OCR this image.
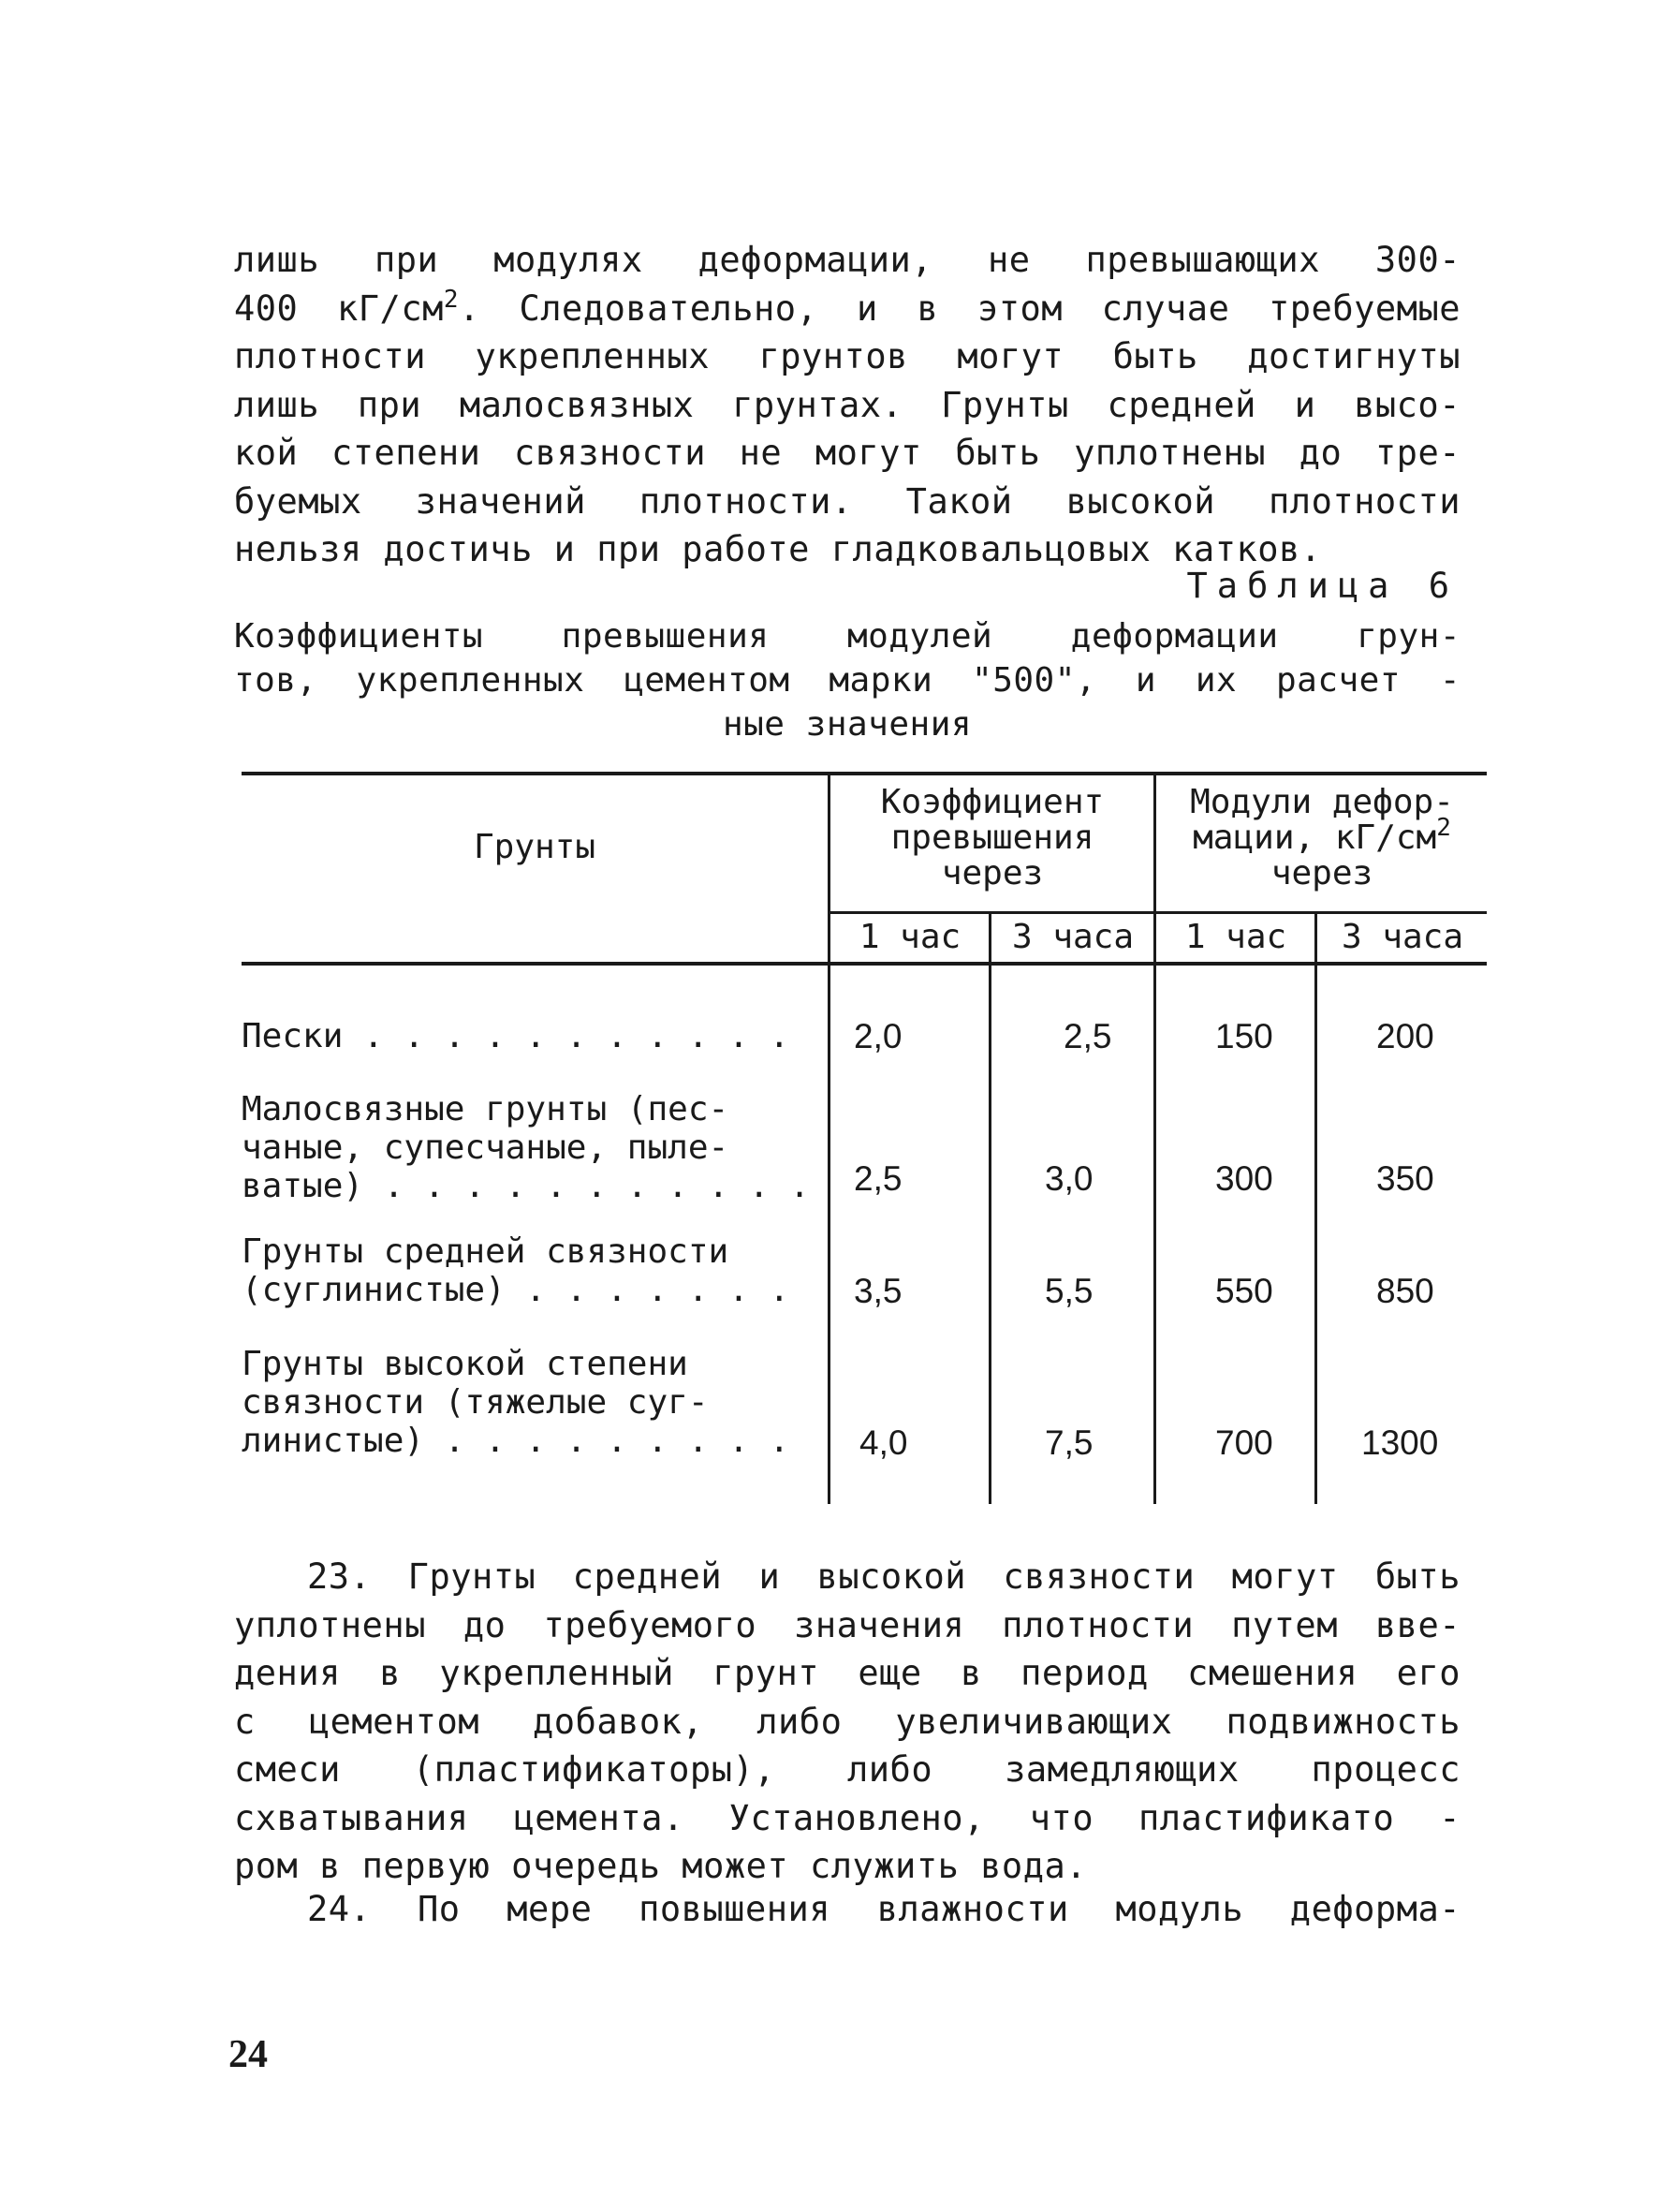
лишь при модулях деформации, не превышающих 300-
400 $кГ/см^2$. Следовательно, и в этом случае требуемые
плотности укрепленных грунтов могут быть достигнуты
лишь при малосвязных грунтах. Грунты средней и высо-
кой степени связности не могут быть уплотнены до тре-
буемых значений плотности. Такой высокой плотности
нельзя достичь и при работе гладковальцовых катков.
Таблица 6
Коэффициенты превышения модулей деформации грун-
тов, укрепленных цементом марки "500", и их расчет -
ные значения
Грунты
Коэффициент
превышения
через
Модули дефор-
мации, $кГ/см^2$
через
1 час	3 часа	1 час	3 часа
Пески . . . . . . . . . . .	2,0	2,5	150	200
Малосвязные грунты (пес-
чаные, супесчаные, пыле-
ватые) . . . . . . . . . . .	2,5	3,0	300	350
Грунты средней связности
(суглинистые) . . . . . . .	3,5	5,5	550	850
Грунты высокой степени
связности (тяжелые суг-
линистые) . . . . . . . . .	4,0	7,5	700	1300
23. Грунты средней и высокой связности могут быть
уплотнены до требуемого значения плотности путем вве-
дения в укрепленный грунт еще в период смешения его
с цементом добавок, либо увеличивающих подвижность
смеси (пластификаторы), либо замедляющих процесс
схватывания цемента. Установлено, что пластификато -
ром в первую очередь может служить вода.
24. По мере повышения влажности модуль деформа-
24
